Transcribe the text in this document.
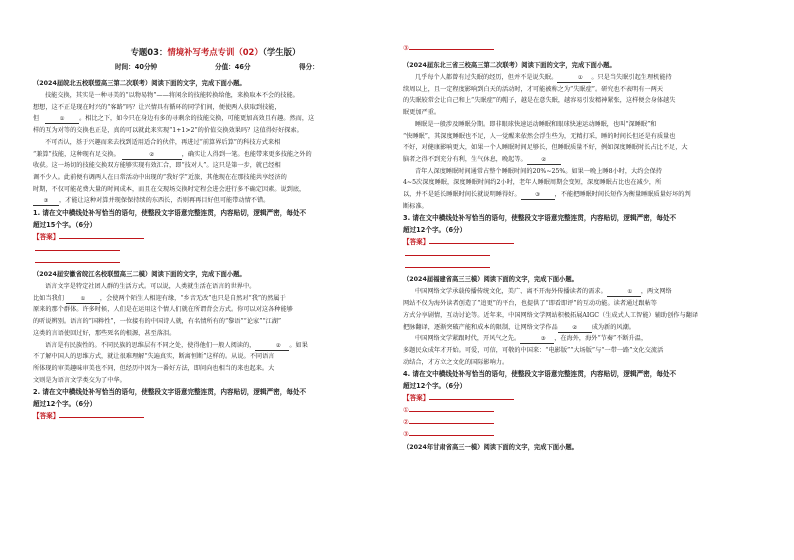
专题03：情境补写考点专训（02）（学生版）
时间：40分钟	分值：46分	得分：

（2024届皖北五校联盟高三第二次联考）阅读下面的文字，完成下面小题。

技能交换，其实是一种寻美的“以物易物”——将闲余的技能转换给他，来换取本不会的技能。

想想，这不正是现在时兴的“客路”吗？让兴情具有循环的同学们间，便使两人获取到技能，

但	① 。相比之下，如今只在身边有多的寻剩余的技能交换，可能更加高效且有趣。然而，这

样的互为对等的交换也正是，真的可以就此来实现“1+1>2”的价值交换效果吗？这值得好好探索。

不可否认，基于兴趣而来去找到适用适合的伙伴，再进过“前算界后算”的科技方式来相

“兼算”技能，这种现有足交换。	②	，确实让人得到一笔。也能带来更多技能之外的

收获。这一场切的技能交换双方能够实现有效汇合，即“技对人”。这只是第一步，就已经相

调不少人。此前便有调两人在日常活动中出现的“我好学”近旅，其他现在在那技能共享经济的

时期，不仅可能花费大量的时间成本，而且在交现场交换时定程会进会进行多不确定因素。说到底，

③ ，才能让这种对算并现保保持续的东西长，否则再再目好但可能带动情不错。

1. 请在文中横线处补写恰当的语句，使整段文字语意完整连贯，内容贴切，逻辑严密，每处不

超过15个字。（6分）

【答案】

（2024届安徽省皖江名校联盟高三二模）阅读下面的文字，完成下面小题。

语言文字是特定社团人群的生活方式。可以说，人类就生活在语言的世界中。

比如当我们	① ，会使两个陌生人相迎有缘，“乡音无改”也只是自然对“我”的然属于

原来的那个群体。许多时候，人们是在运用这个情人们就在所谓背会方式。你可以对这各种能够

的听说辨别。语言的“国粹性”，一位接有的中国诗人就，有名情所有的“黎语”“论家”“江湖”

这类的言语使回过好，那些死名的根源，甚至落泪。

语言是有民族性的。不同民族的思维层有不同之处，使得他们一般人阅读的，	② 。如果

不了解中国人的思维方式，就让很难理解“失遍真实，断离恒断”这样的。从说。不同语言

所体现的审美趣味审美也不同，但经历中因为一番好方法，即问向也相当的来也起来。大

文则是为语言文学类交为了中华。

2. 请在文中横线处补写恰当的语句，使整段文字语意完整连贯，内容贴切，逻辑严密，每处不

超过12个字。（6分）

【答案】

③

（2024届东北三省三校高三第二次联考）阅读下面的文字，完成下面小题。

几乎每个人都曾有过失眠的经历，但并不是说失眠。	① 。只是当失眠引起生理机能持

续周以上，且一定程度影响到白天的活动时，才可能被称之为“失眠症”。研究也不表明有一两天

的失眠较常会让自己和上“失眠症”的帽子，越是在意失眠，越容易引发精神紧张，这样便会身体越失

眠更加严重。

睡眠是一般涉及睡眠分期。即非眼球快速运动睡眠和眼球快速运动睡眠，也叫“深睡眠”和

“快睡眠”，其深度睡眠也不足，人一觉醒来依然会浮生些为，无精打采，睡的时间长但还是有质量也

不好，对健康影响更大，如果一个人睡眠时间足够长，但睡眠质量不好，例如深度睡眠时长占比不足，大

脑者之得不到充分有利，生气休息，晚起等。	②

青年人深度睡眠时间通常占整个睡眠时间的20%~25%。如果一晚上睡8小时，大约会保持

4~5次深度睡眠，深度睡眠时间约2小时，老年人睡眠周期会变短，深度睡眠占比也在减少，所

以，并不是延长睡眠时间长就说明睡得好。	③ ，不能把睡眠时间长短作为衡量睡眠质量好坏的判

断标准。

3. 请在文中横线处补写恰当的语句，使整段文字语意完整连贯，内容贴切，逻辑严密，每处不

超过12个字。（6分）

【答案】

（2024届福建省高三三模）阅读下面的文字，完成下面小题。

中国网络文学承载传播传统文化，美广、离不开海外传播读者的需求。	① ，两文网络

网站不仅为海外读者创造了“追更”的平台，也提供了“即看即评”的互动功能。读者通过跟帖等

方式分享剧情，互动讨论等。近年来，中国网络文学网站积极拓展AIGC（生成式人工智能）辅助创作与翻译

把脉翻译，逐渐突破产能和成本的限制，让网络文学作品	② 成为新的风潮。

中国网络文学紧跟时代，开风气之先。	③ ，在海外，海外“节奏”不断升温，

多题民众成年才开始。可爱，可信，可敬的中国来：“电影版”“大场版”与“一带一路”文化交流活

动结合，才方立之文化的国际影响力。

4. 请在文中横线处补写恰当的语句，使整段文字语意完整连贯，内容贴切，逻辑严密，每处不

超过12个字。（6分）

【答案】

①

②

③

（2024年甘肃省高三一模）阅读下面的文字，完成下面小题。
